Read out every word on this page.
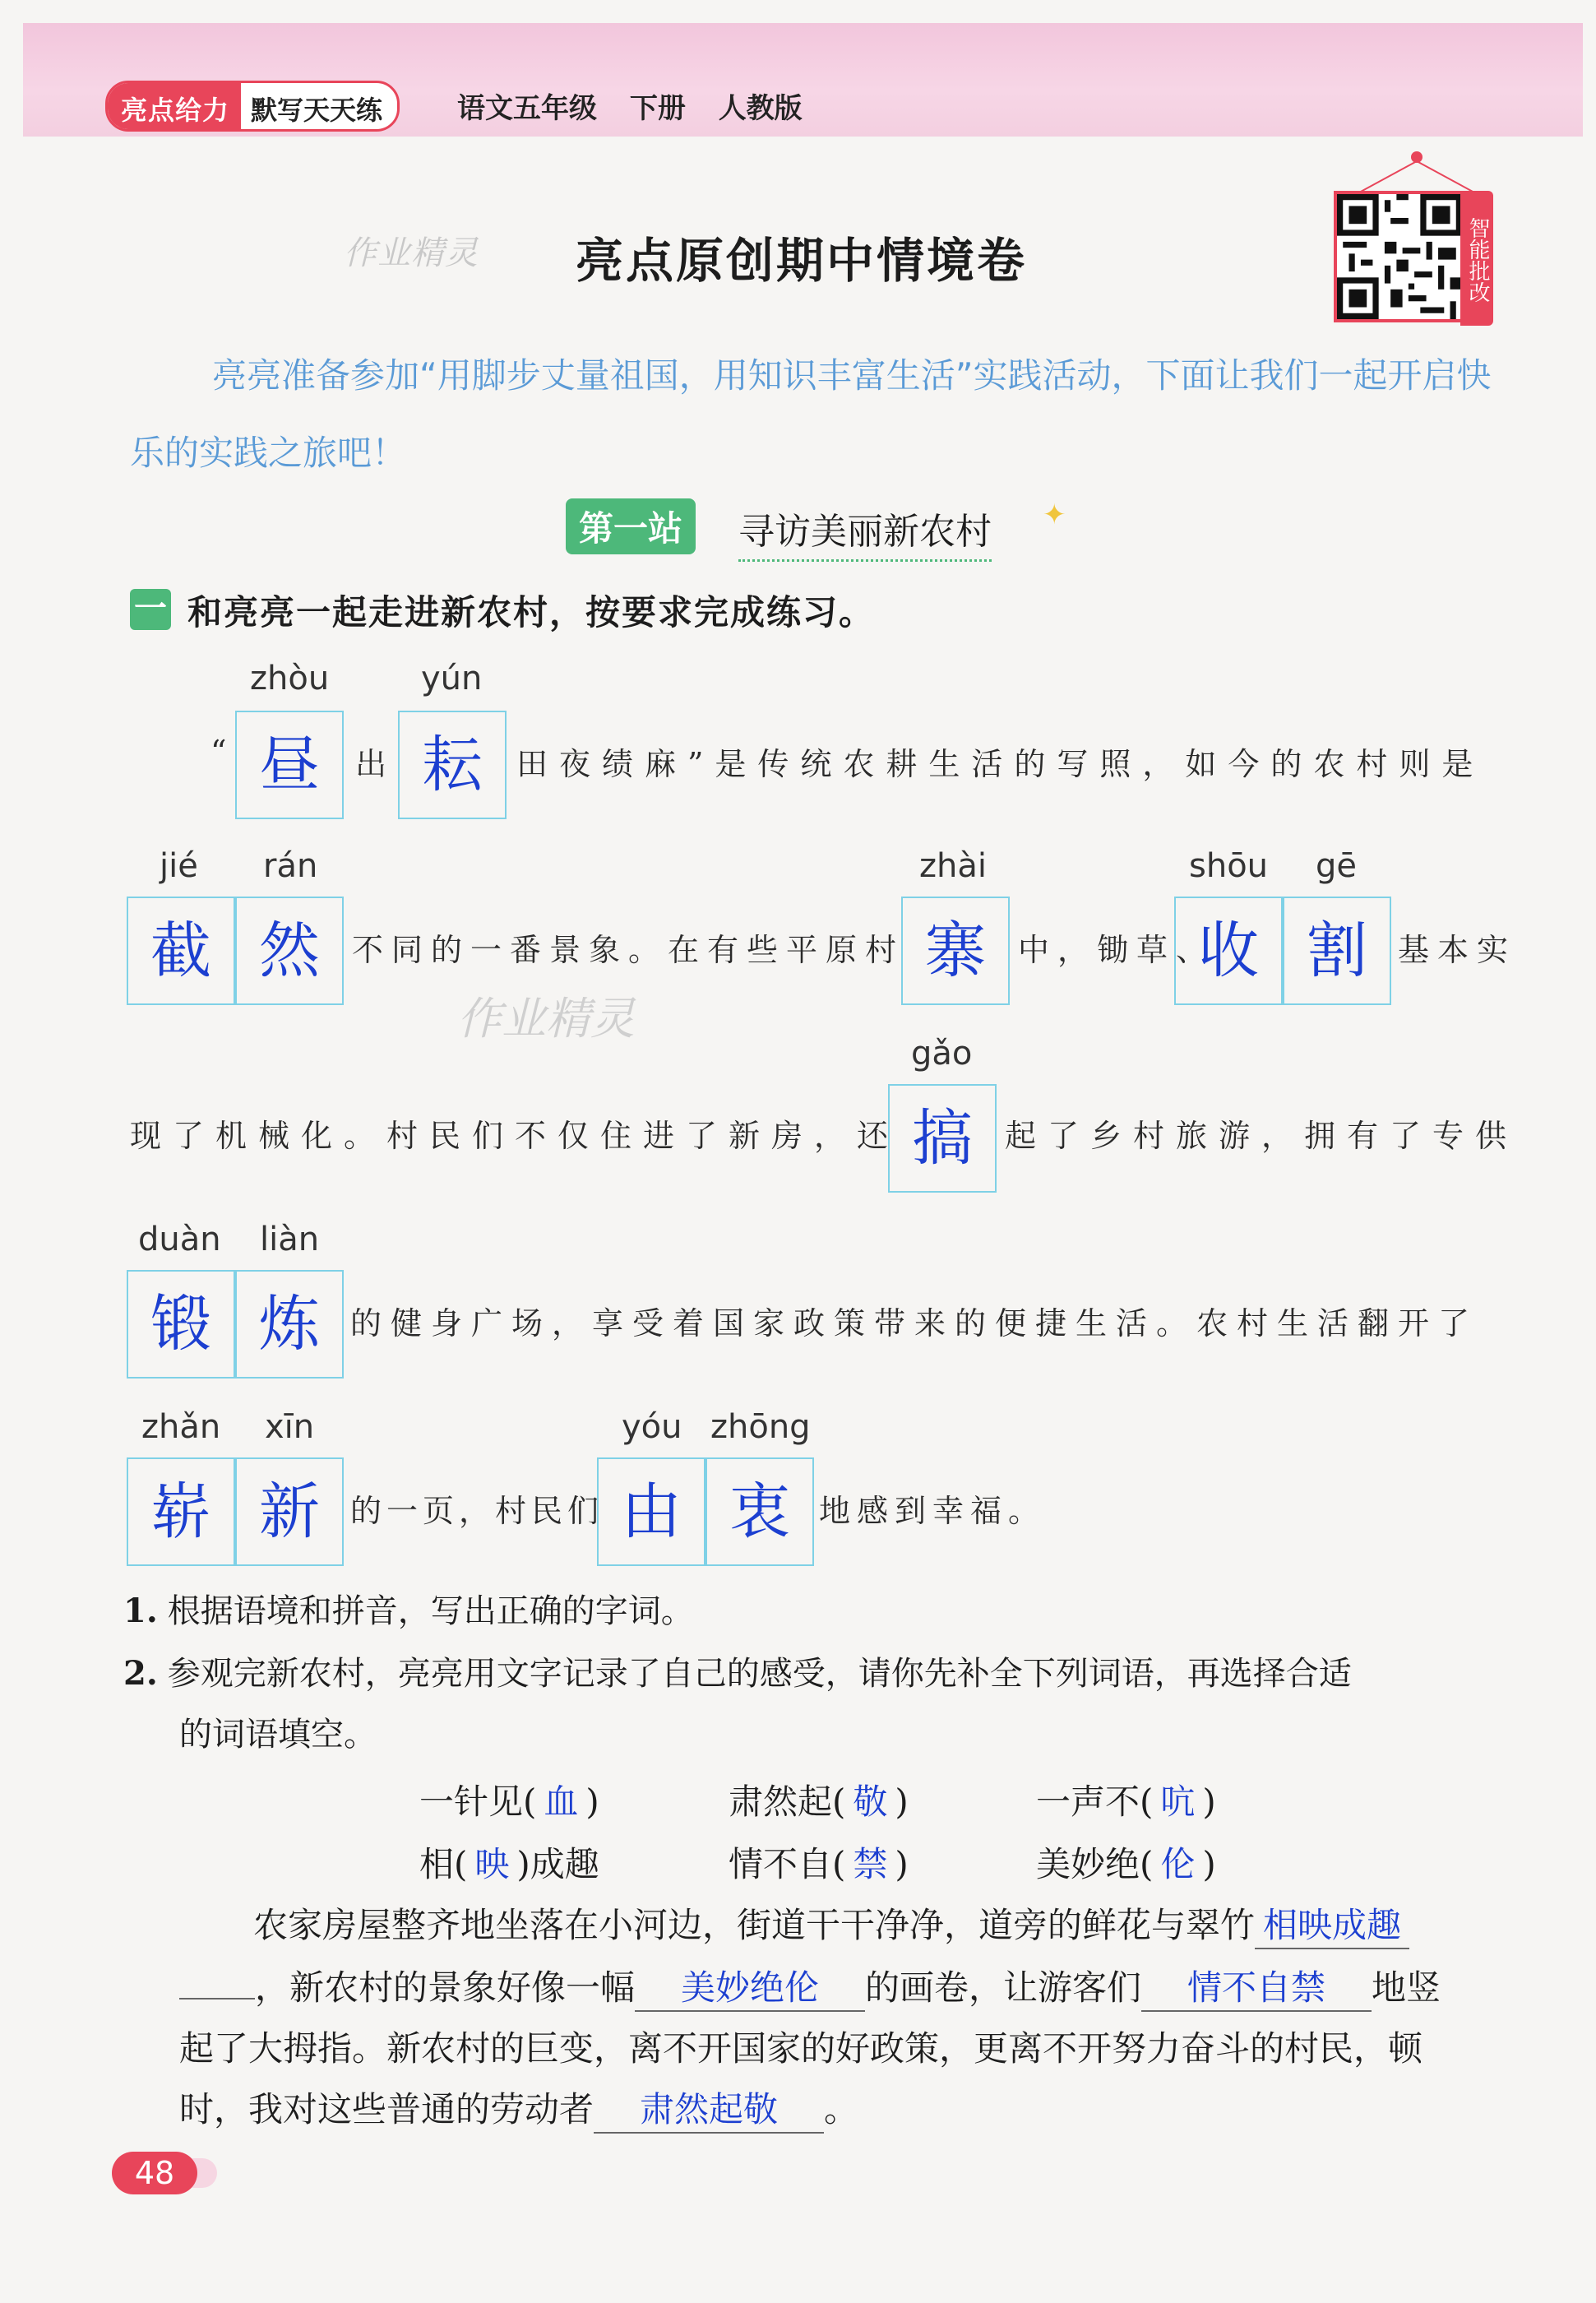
亮点给力 默写天天练	语文五年级 下册 人教版
作业精灵 亮点原创期中情境卷	智能批改
亮亮准备参加“用脚步丈量祖国，用知识丰富生活”实践活动，下面让我们一起开启快乐的实践之旅吧！
第一站	寻访美丽新农村 ✦
一 和亮亮一起走进新农村，按要求完成练习。
zhòu	yún
“ 昼	出 耘	田夜绩麻”是传统农耕生活的写照，如今的农村则是
jié rán	zhài	shōu gē
截 然	不同的一番景象。在有些平原村 寨	中，锄草、
收 割 基本实
作业精灵
gǎo
现了机械化。村民们不仅住进了新房，还 搞	起了乡村旅游，拥有了专供
duàn liàn
锻 炼 的健身广场，享受着国家政策带来的便捷生活。农村生活翻开了
zhǎn xīn	yóu zhōng
崭 新 的一页，村民们 由 衷 地感到幸福。
1. 根据语境和拼音，写出正确的字词。
2. 参观完新农村，亮亮用文字记录了自己的感受，请你先补全下列词语，再选择合适
的词语填空。
一针见( 血 )	肃然起( 敬 )	一声不( 吭 )
相( 映 )成趣	情不自( 禁 )	美妙绝( 伦 )
农家房屋整齐地坐落在小河边，街道干干净净，道旁的鲜花与翠竹 相映成趣
，新农村的景象好像一幅 美妙绝伦 的画卷，让游客们 情不自禁 地竖
起了大拇指。新农村的巨变，离不开国家的好政策，更离不开努力奋斗的村民，顿
时，我对这些普通的劳动者 肃然起敬 。
48
